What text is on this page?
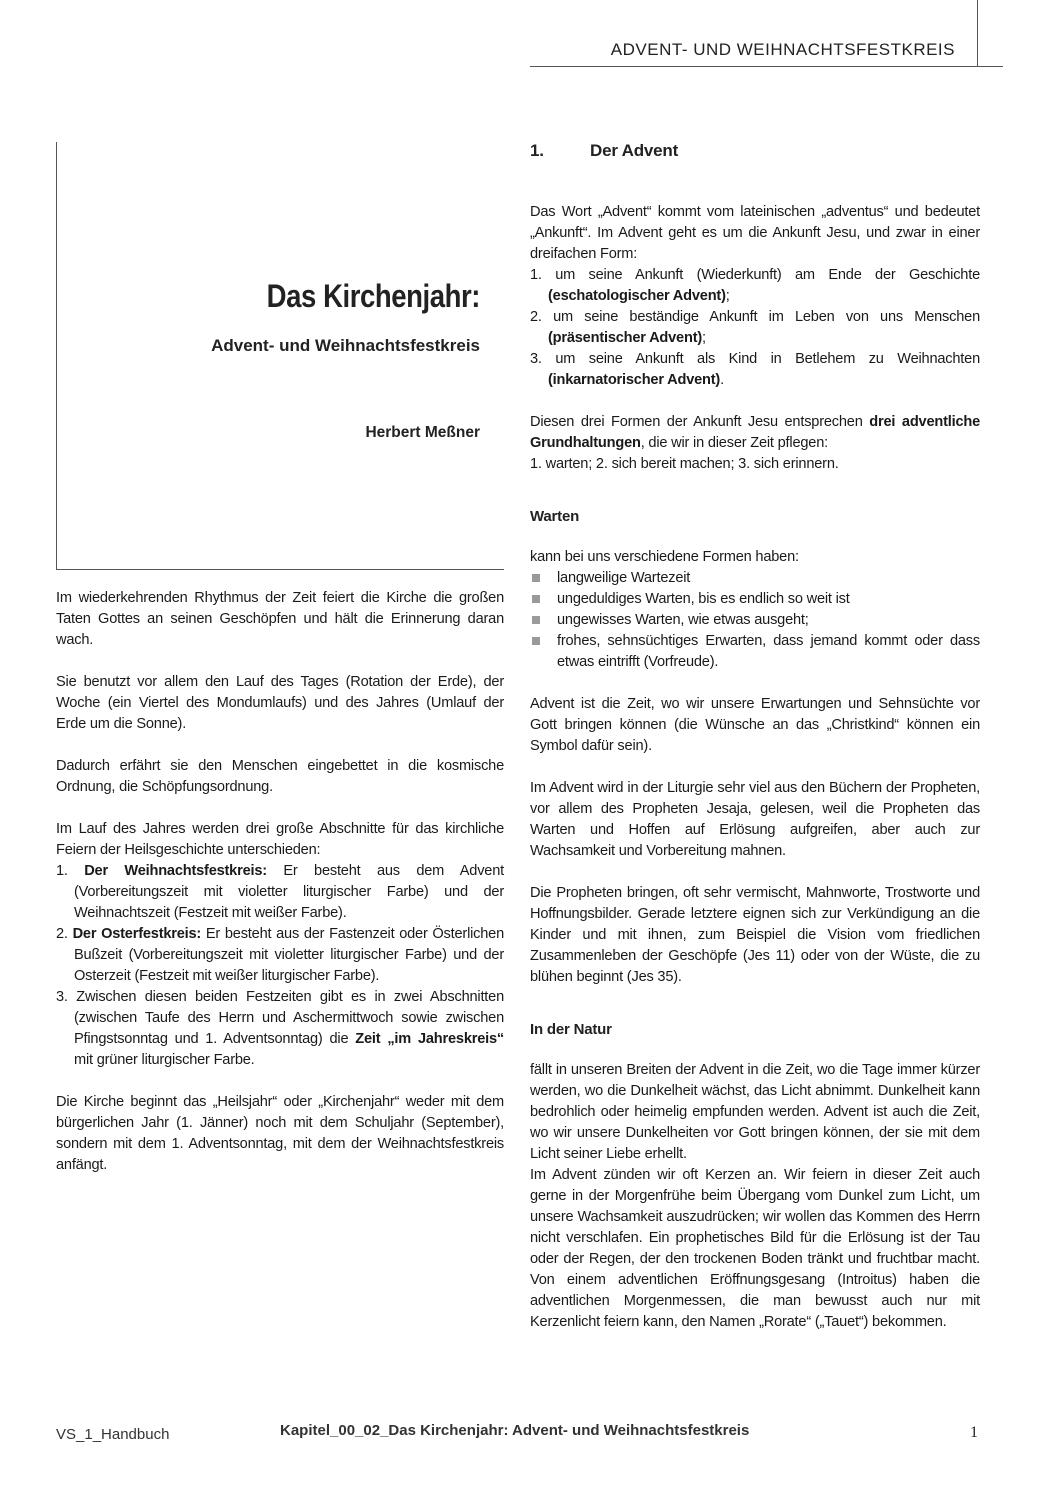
ADVENT- UND WEIHNACHTSFESTKREIS
Das Kirchenjahr:
Advent- und Weihnachtsfestkreis
Herbert Meßner

Im wiederkehrenden Rhythmus der Zeit feiert die Kirche die großen Taten Gottes an seinen Geschöpfen und hält die Erinnerung daran wach.

Sie benutzt vor allem den Lauf des Tages (Rotation der Erde), der Woche (ein Viertel des Mondumlaufs) und des Jahres (Umlauf der Erde um die Sonne).

Dadurch erfährt sie den Menschen eingebettet in die kosmische Ordnung, die Schöpfungsordnung.

Im Lauf des Jahres werden drei große Abschnitte für das kirchliche Feiern der Heilsgeschichte unterschieden:

1. Der Weihnachtsfestkreis: Er besteht aus dem Advent (Vorbereitungszeit mit violetter liturgischer Farbe) und der Weihnachtszeit (Festzeit mit weißer Farbe).
2. Der Osterfestkreis: Er besteht aus der Fastenzeit oder Österlichen Bußzeit (Vorbereitungszeit mit violetter liturgischer Farbe) und der Osterzeit (Festzeit mit weißer liturgischer Farbe).
3. Zwischen diesen beiden Festzeiten gibt es in zwei Abschnitten (zwischen Taufe des Herrn und Aschermittwoch sowie zwischen Pfingstsonntag und 1. Adventsonntag) die Zeit „im Jahreskreis“ mit grüner liturgischer Farbe.

Die Kirche beginnt das „Heilsjahr“ oder „Kirchenjahr“ weder mit dem bürgerlichen Jahr (1. Jänner) noch mit dem Schuljahr (September), sondern mit dem 1. Adventsonntag, mit dem der Weihnachtsfestkreis anfängt.

1.	Der Advent

Das Wort „Advent“ kommt vom lateinischen „adventus“ und bedeutet „Ankunft“. Im Advent geht es um die Ankunft Jesu, und zwar in einer dreifachen Form:

1. um seine Ankunft (Wiederkunft) am Ende der Geschichte (eschatologischer Advent);
2. um seine beständige Ankunft im Leben von uns Menschen (präsentischer Advent);
3. um seine Ankunft als Kind in Betlehem zu Weihnachten (inkarnatorischer Advent).

Diesen drei Formen der Ankunft Jesu entsprechen drei adventliche Grundhaltungen, die wir in dieser Zeit pflegen:

1. warten; 2. sich bereit machen; 3. sich erinnern.

Warten

kann bei uns verschiedene Formen haben:

langweilige Wartezeit
ungeduldiges Warten, bis es endlich so weit ist
ungewisses Warten, wie etwas ausgeht;
frohes, sehnsüchtiges Erwarten, dass jemand kommt oder dass etwas eintrifft (Vorfreude).

Advent ist die Zeit, wo wir unsere Erwartungen und Sehnsüchte vor Gott bringen können (die Wünsche an das „Christkind“ können ein Symbol dafür sein).

Im Advent wird in der Liturgie sehr viel aus den Büchern der Propheten, vor allem des Propheten Jesaja, gelesen, weil die Propheten das Warten und Hoffen auf Erlösung aufgreifen, aber auch zur Wachsamkeit und Vorbereitung mahnen.

Die Propheten bringen, oft sehr vermischt, Mahnworte, Trostworte und Hoffnungsbilder. Gerade letztere eignen sich zur Verkündigung an die Kinder und mit ihnen, zum Beispiel die Vision vom friedlichen Zusammenleben der Geschöpfe (Jes 11) oder von der Wüste, die zu blühen beginnt (Jes 35).

In der Natur

fällt in unseren Breiten der Advent in die Zeit, wo die Tage immer kürzer werden, wo die Dunkelheit wächst, das Licht abnimmt. Dunkelheit kann bedrohlich oder heimelig empfunden werden. Advent ist auch die Zeit, wo wir unsere Dunkelheiten vor Gott bringen können, der sie mit dem Licht seiner Liebe erhellt.

Im Advent zünden wir oft Kerzen an. Wir feiern in dieser Zeit auch gerne in der Morgenfrühe beim Übergang vom Dunkel zum Licht, um unsere Wachsamkeit auszudrücken; wir wollen das Kommen des Herrn nicht verschlafen. Ein prophetisches Bild für die Erlösung ist der Tau oder der Regen, der den trockenen Boden tränkt und fruchtbar macht. Von einem adventlichen Eröffnungsgesang (Introitus) haben die adventlichen Morgenmessen, die man bewusst auch nur mit Kerzenlicht feiern kann, den Namen „Rorate“ („Tauet“) bekommen.

VS_1_Handbuch	Kapitel_00_02_Das Kirchenjahr: Advent- und Weihnachtsfestkreis	1
